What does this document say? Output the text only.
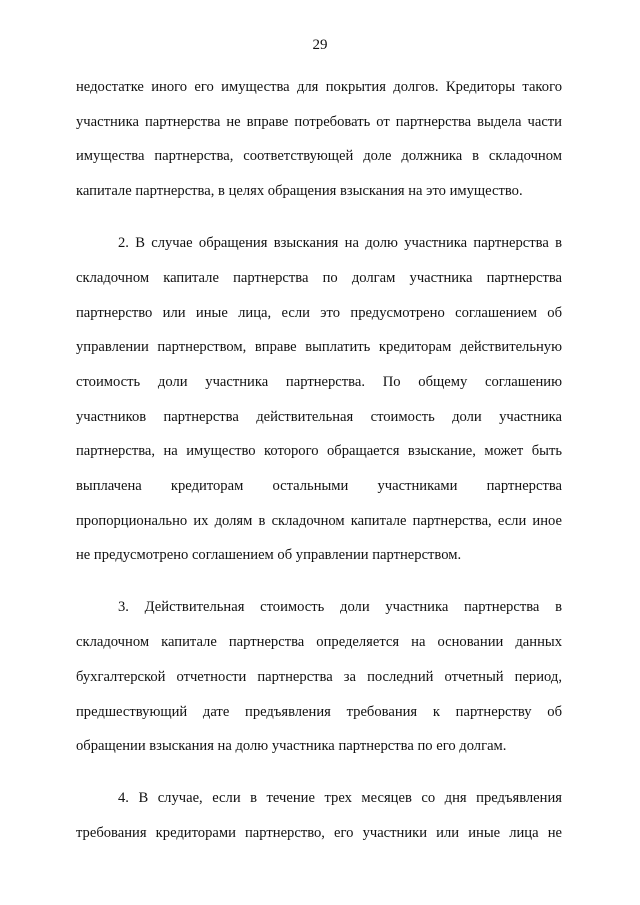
29
недостатке иного его имущества для покрытия долгов. Кредиторы такого
участника партнерства не вправе потребовать от партнерства выдела части
имущества партнерства, соответствующей доле должника в складочном
капитале партнерства, в целях обращения взыскания на это имущество.
2. В случае обращения взыскания на долю участника партнерства в
складочном капитале партнерства по долгам участника партнерства
партнерство или иные лица, если это предусмотрено соглашением об
управлении партнерством, вправе выплатить кредиторам действительную
стоимость доли участника партнерства. По общему соглашению
участников партнерства действительная стоимость доли участника
партнерства, на имущество которого обращается взыскание, может быть
выплачена кредиторам остальными участниками партнерства
пропорционально их долям в складочном капитале партнерства, если иное
не предусмотрено соглашением об управлении партнерством.
3. Действительная стоимость доли участника партнерства в
складочном капитале партнерства определяется на основании данных
бухгалтерской отчетности партнерства за последний отчетный период,
предшествующий дате предъявления требования к партнерству об
обращении взыскания на долю участника партнерства по его долгам.
4. В случае, если в течение трех месяцев со дня предъявления
требования кредиторами партнерство, его участники или иные лица не
